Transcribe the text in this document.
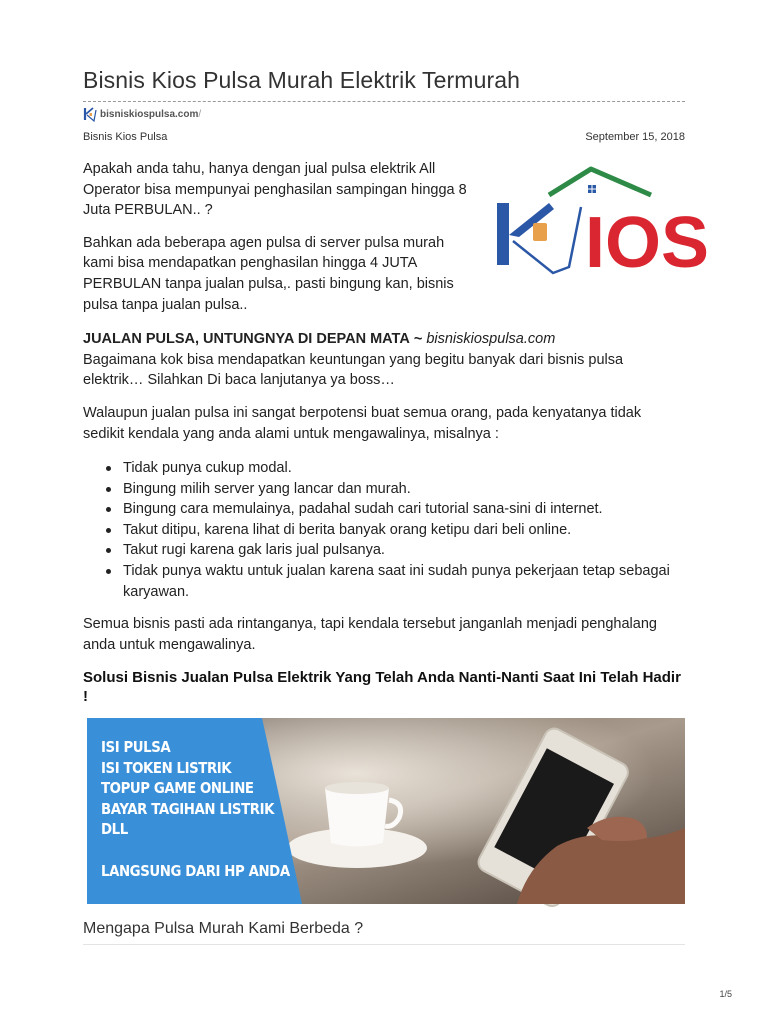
Bisnis Kios Pulsa Murah Elektrik Termurah
bisniskiospulsa.com/
Bisnis Kios Pulsa	September 15, 2018

Apakah anda tahu, hanya dengan jual pulsa elektrik All Operator bisa mempunyai penghasilan sampingan hingga 8 Juta PERBULAN.. ?

Bahkan ada beberapa agen pulsa di server pulsa murah kami bisa mendapatkan penghasilan hingga 4 JUTA PERBULAN tanpa jualan pulsa,. pasti bingung kan, bisnis pulsa tanpa jualan pulsa..

IOS

JUALAN PULSA, UNTUNGNYA DI DEPAN MATA ~ bisniskiospulsa.com

Bagaimana kok bisa mendapatkan keuntungan yang begitu banyak dari bisnis pulsa elektrik… Silahkan Di baca lanjutanya ya boss…

Walaupun jualan pulsa ini sangat berpotensi buat semua orang, pada kenyatanya tidak sedikit kendala yang anda alami untuk mengawalinya, misalnya :

Tidak punya cukup modal.
Bingung milih server yang lancar dan murah.
Bingung cara memulainya, padahal sudah cari tutorial sana-sini di internet.
Takut ditipu, karena lihat di berita banyak orang ketipu dari beli online.
Takut rugi karena gak laris jual pulsanya.
Tidak punya waktu untuk jualan karena saat ini sudah punya pekerjaan tetap sebagai karyawan.

Semua bisnis pasti ada rintanganya, tapi kendala tersebut janganlah menjadi penghalang anda untuk mengawalinya.

Solusi Bisnis Jualan Pulsa Elektrik Yang Telah Anda Nanti-Nanti Saat Ini Telah Hadir !
ISI PULSA
ISI TOKEN LISTRIK
TOPUP GAME ONLINE
BAYAR TAGIHAN LISTRIK
DLL
LANGSUNG DARI HP ANDA
Mengapa Pulsa Murah Kami Berbeda ?
1/5
